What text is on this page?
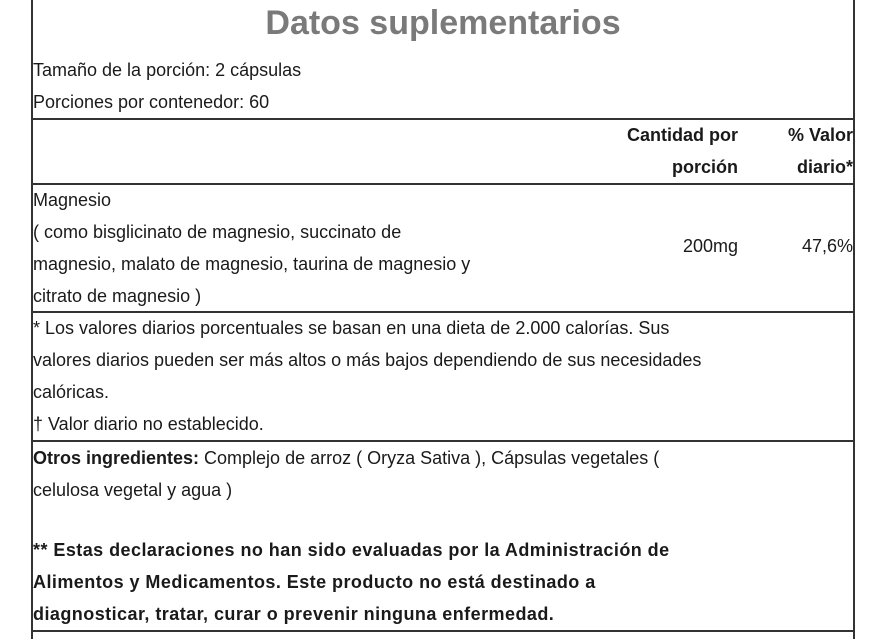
Datos suplementarios
Tamaño de la porción: 2 cápsulas
Porciones por contenedor: 60
Cantidad por
porción
% Valor
diario*
Magnesio
( como bisglicinato de magnesio, succinato de
magnesio, malato de magnesio, taurina de magnesio y
citrato de magnesio )
200mg	47,6%
* Los valores diarios porcentuales se basan en una dieta de 2.000 calorías. Sus
valores diarios pueden ser más altos o más bajos dependiendo de sus necesidades
calóricas.
† Valor diario no establecido.
Otros ingredientes: Complejo de arroz ( Oryza Sativa ), Cápsulas vegetales (
celulosa vegetal y agua )
** Estas declaraciones no han sido evaluadas por la Administración de
Alimentos y Medicamentos. Este producto no está destinado a
diagnosticar, tratar, curar o prevenir ninguna enfermedad.
